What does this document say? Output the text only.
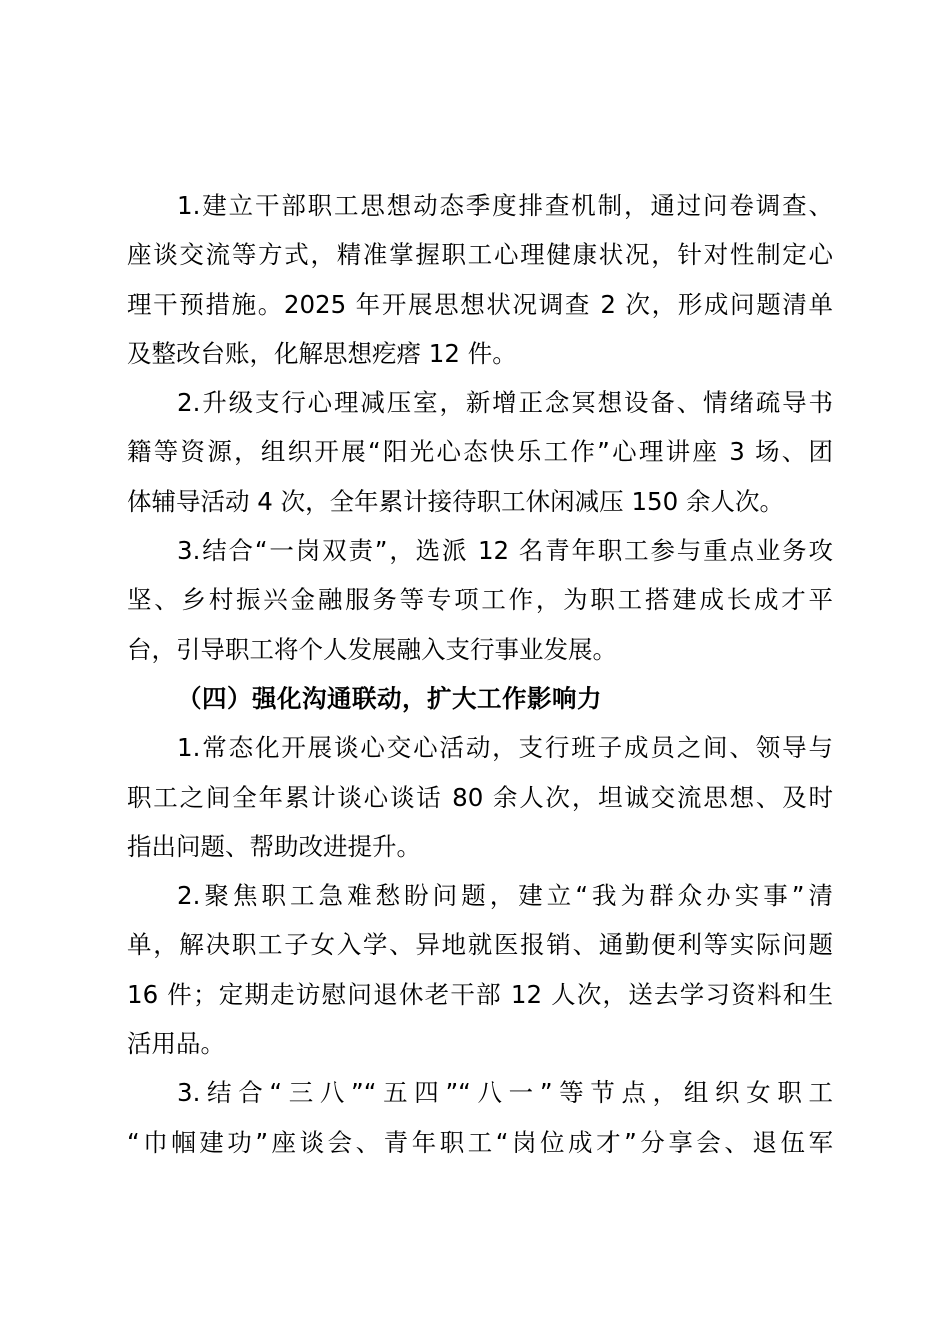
1.建立干部职工思想动态季度排查机制，通过问卷调查、
座谈交流等方式，精准掌握职工心理健康状况，针对性制定心
理干预措施。2025 年开展思想状况调查 2 次，形成问题清单
及整改台账，化解思想疙瘩 12 件。
2.升级支行心理减压室，新增正念冥想设备、情绪疏导书
籍等资源，组织开展“阳光心态快乐工作”心理讲座 3 场、团
体辅导活动 4 次，全年累计接待职工休闲减压 150 余人次。
3.结合“一岗双责”，选派 12 名青年职工参与重点业务攻
坚、乡村振兴金融服务等专项工作，为职工搭建成长成才平
台，引导职工将个人发展融入支行事业发展。
（四）强化沟通联动，扩大工作影响力
1.常态化开展谈心交心活动，支行班子成员之间、领导与
职工之间全年累计谈心谈话 80 余人次，坦诚交流思想、及时
指出问题、帮助改进提升。
2.聚焦职工急难愁盼问题，建立“我为群众办实事”清
单，解决职工子女入学、异地就医报销、通勤便利等实际问题
16 件；定期走访慰问退休老干部 12 人次，送去学习资料和生
活用品。
3.结合“三八”“五四”“八一”等节点，组织女职工
“巾帼建功”座谈会、青年职工“岗位成才”分享会、退伍军
